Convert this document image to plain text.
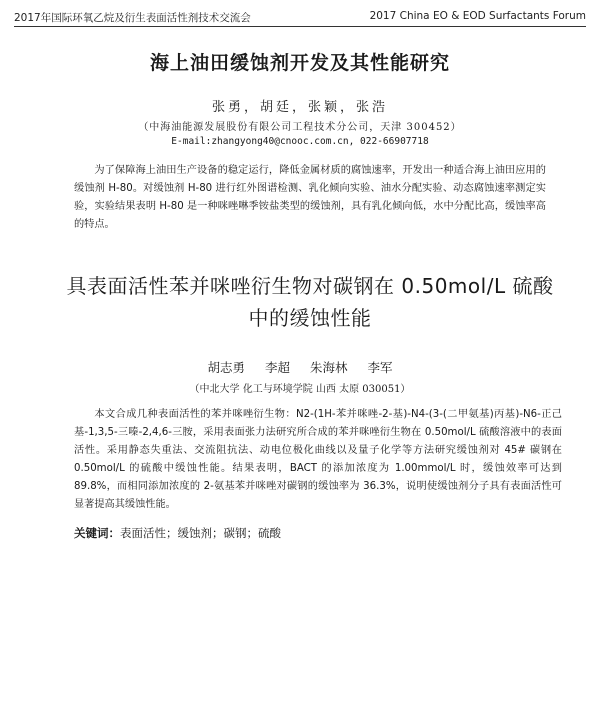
2017年国际环氧乙烷及衍生表面活性剂技术交流会	2017 China EO & EOD Surfactants Forum
海上油田缓蚀剂开发及其性能研究
张勇，胡廷，张颖，张浩
（中海油能源发展股份有限公司工程技术分公司，天津 300452）
E-mail:zhangyong40@cnooc.com.cn, 022-66907718
为了保障海上油田生产设备的稳定运行，降低金属材质的腐蚀速率，开发出一种适合海上油田应用的缓蚀剂 H-80。对缓蚀剂 H-80 进行红外图谱检测、乳化倾向实验、油水分配实验、动态腐蚀速率测定实验，实验结果表明 H-80 是一种咪唑啉季铵盐类型的缓蚀剂，具有乳化倾向低，水中分配比高，缓蚀率高的特点。
具表面活性苯并咪唑衍生物对碳钢在 0.50mol/L 硫酸中的缓蚀性能
胡志勇 李超 朱海林 李军
（中北大学 化工与环境学院 山西 太原 030051）
本文合成几种表面活性的苯并咪唑衍生物：N2-(1H-苯并咪唑-2-基)-N4-(3-(二甲氨基)丙基)-N6-正己基-1,3,5-三嗪-2,4,6-三胺，采用表面张力法研究所合成的苯并咪唑衍生物在 0.50mol/L 硫酸溶液中的表面活性。采用静态失重法、交流阻抗法、动电位极化曲线以及量子化学等方法研究缓蚀剂对 45# 碳钢在 0.50mol/L 的硫酸中缓蚀性能。结果表明，BACT 的添加浓度为 1.00mmol/L 时，缓蚀效率可达到 89.8%，而相同添加浓度的 2-氨基苯并咪唑对碳钢的缓蚀率为 36.3%，说明使缓蚀剂分子具有表面活性可显著提高其缓蚀性能。
关键词：表面活性；缓蚀剂；碳钢；硫酸
